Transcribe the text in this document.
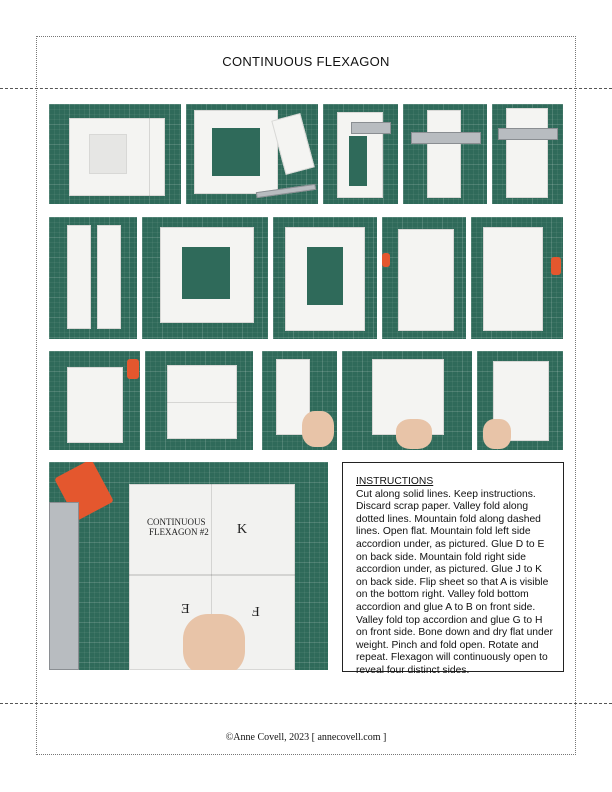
CONTINUOUS FLEXAGON
CONTINUOUS
FLEXAGON #2 K
E	F
INSTRUCTIONS
Cut along solid lines. Keep instructions. Discard scrap paper. Valley fold along dotted lines. Mountain fold along dashed lines. Open flat. Mountain fold left side accordion under, as pictured. Glue D to E on back side. Mountain fold right side accordion under, as pictured. Glue J to K on back side. Flip sheet so that A is visible on the bottom right. Valley fold bottom accordion and glue A to B on front side. Valley fold top accordion and glue G to H on front side. Bone down and dry flat under weight. Pinch and fold open. Rotate and repeat. Flexagon will continuously open to reveal four distinct sides.
©Anne Covell, 2023 [ annecovell.com ]
